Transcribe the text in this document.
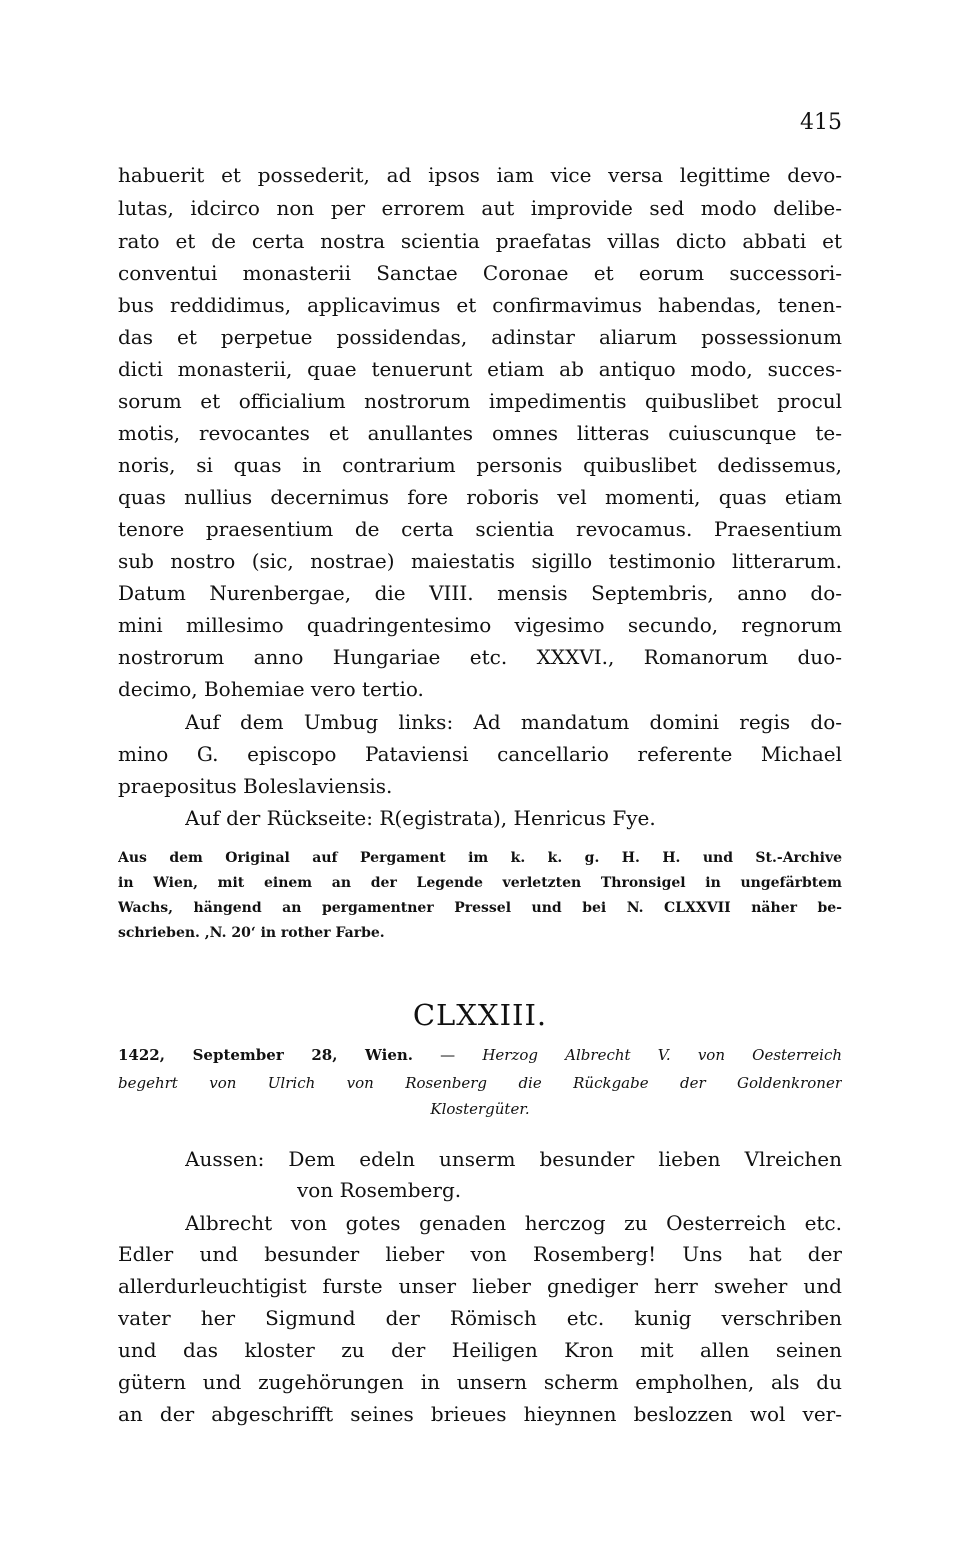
415
habuerit et possederit, ad ipsos iam vice versa legittime devo-
lutas, idcirco non per errorem aut improvide sed modo delibe-
rato et de certa nostra scientia praefatas villas dicto abbati et
conventui monasterii Sanctae Coronae et eorum successori-
bus reddidimus, applicavimus et confirmavimus habendas, tenen-
das et perpetue possidendas, adinstar aliarum possessionum
dicti monasterii, quae tenuerunt etiam ab antiquo modo, succes-
sorum et officialium nostrorum impedimentis quibuslibet procul
motis, revocantes et anullantes omnes litteras cuiuscunque te-
noris, si quas in contrarium personis quibuslibet dedissemus,
quas nullius decernimus fore roboris vel momenti, quas etiam
tenore praesentium de certa scientia revocamus. Praesentium
sub nostro (sic, nostrae) maiestatis sigillo testimonio litterarum.
Datum Nurenbergae, die VIII. mensis Septembris, anno do-
mini millesimo quadringentesimo vigesimo secundo, regnorum
nostrorum anno Hungariae etc. XXXVI., Romanorum duo-
decimo, Bohemiae vero tertio.
Auf dem Umbug links: Ad mandatum domini regis do-
mino G. episcopo Pataviensi cancellario referente Michael
praepositus Boleslaviensis.
Auf der Rückseite: R(egistrata), Henricus Fye.
Aus dem Original auf Pergament im k. k. g. H. H. und St.-Archive
in Wien, mit einem an der Legende verletzten Thronsigel in ungefärbtem
Wachs, hängend an pergamentner Pressel und bei N. CLXXVII näher be-
schrieben. ,N. 20‘ in rother Farbe.
CLXXIII.
1422, September 28, Wien. — Herzog Albrecht V. von Oesterreich
begehrt von Ulrich von Rosenberg die Rückgabe der Goldenkroner
Klostergüter.
Aussen: Dem edeln unserm besunder lieben Vlreichen
von Rosemberg.
Albrecht von gotes genaden herczog zu Oesterreich etc.
Edler und besunder lieber von Rosemberg! Uns hat der
allerdurleuchtigist furste unser lieber gnediger herr sweher und
vater her Sigmund der Römisch etc. kunig verschriben
und das kloster zu der Heiligen Kron mit allen seinen
gütern und zugehörungen in unsern scherm empholhen, als du
an der abgeschrifft seines brieues hieynnen beslozzen wol ver-
